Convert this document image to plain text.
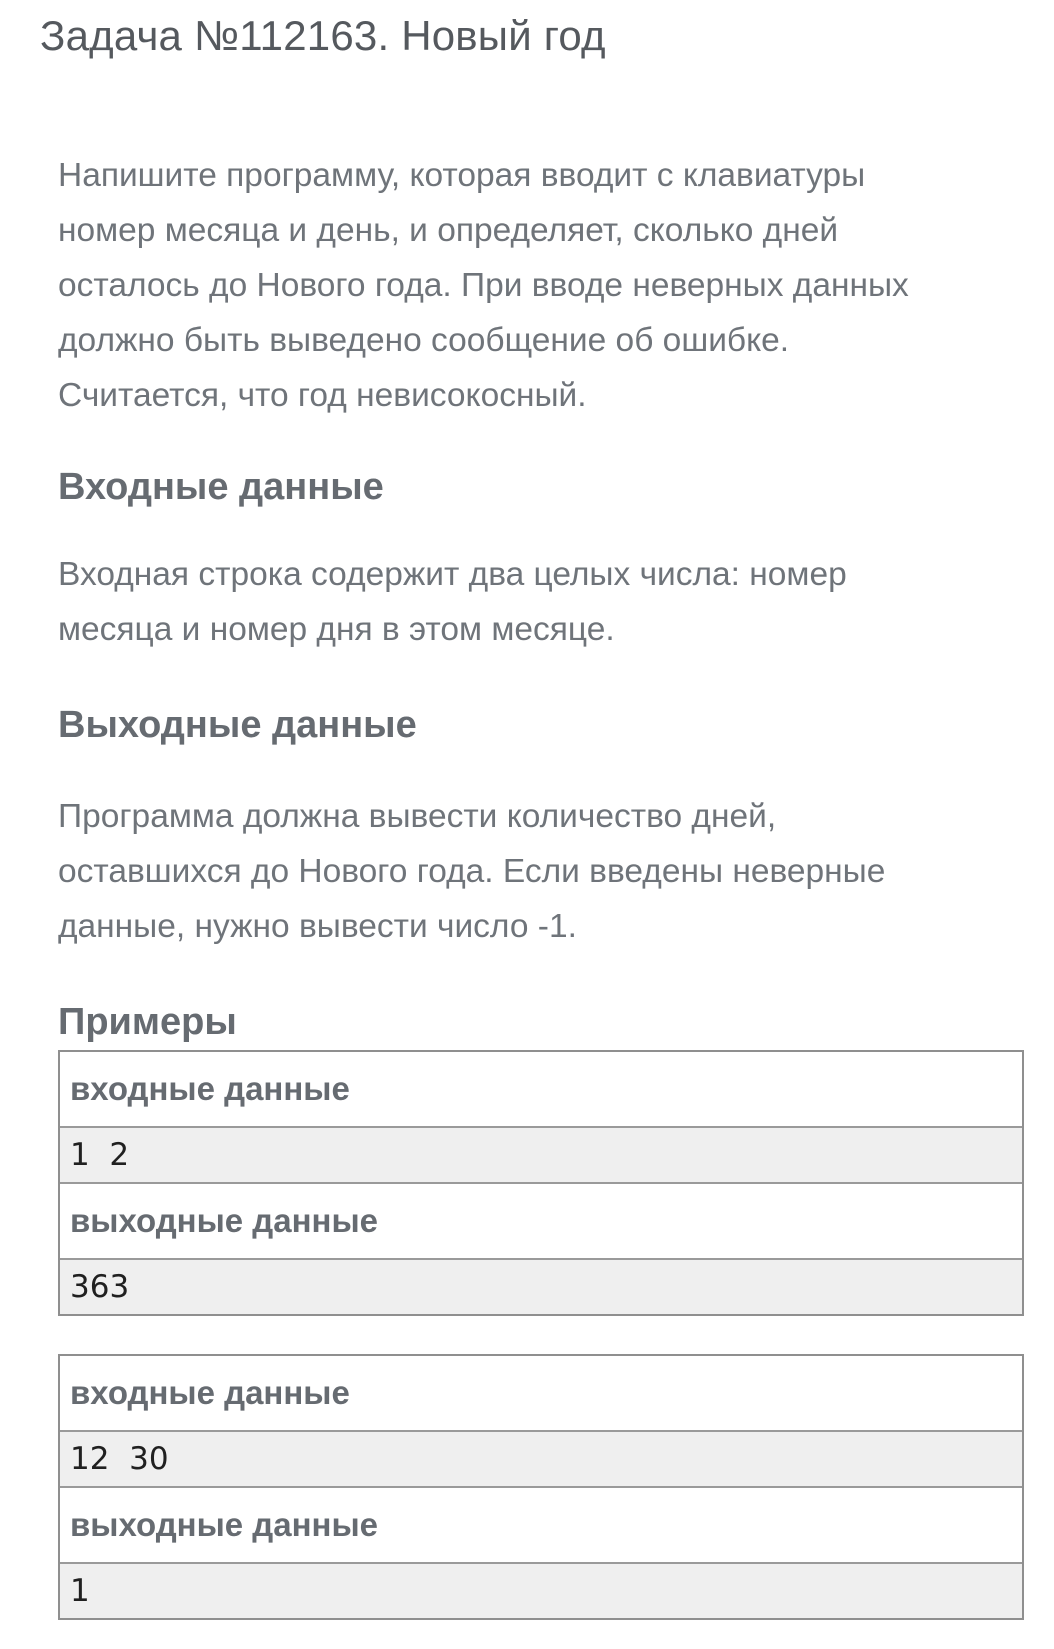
Задача №112163. Новый год

Напишите программу, которая вводит с клавиатуры

номер месяца и день, и определяет, сколько дней

осталось до Нового года. При вводе неверных данных

должно быть выведено сообщение об ошибке.

Считается, что год невисокосный.

Входные данные

Входная строка содержит два целых числа: номер

месяца и номер дня в этом месяце.

Выходные данные

Программа должна вывести количество дней,

оставшихся до Нового года. Если введены неверные

данные, нужно вывести число -1.

Примеры
входные данные
1  2
выходные данные
363
входные данные
12  30
выходные данные
1
